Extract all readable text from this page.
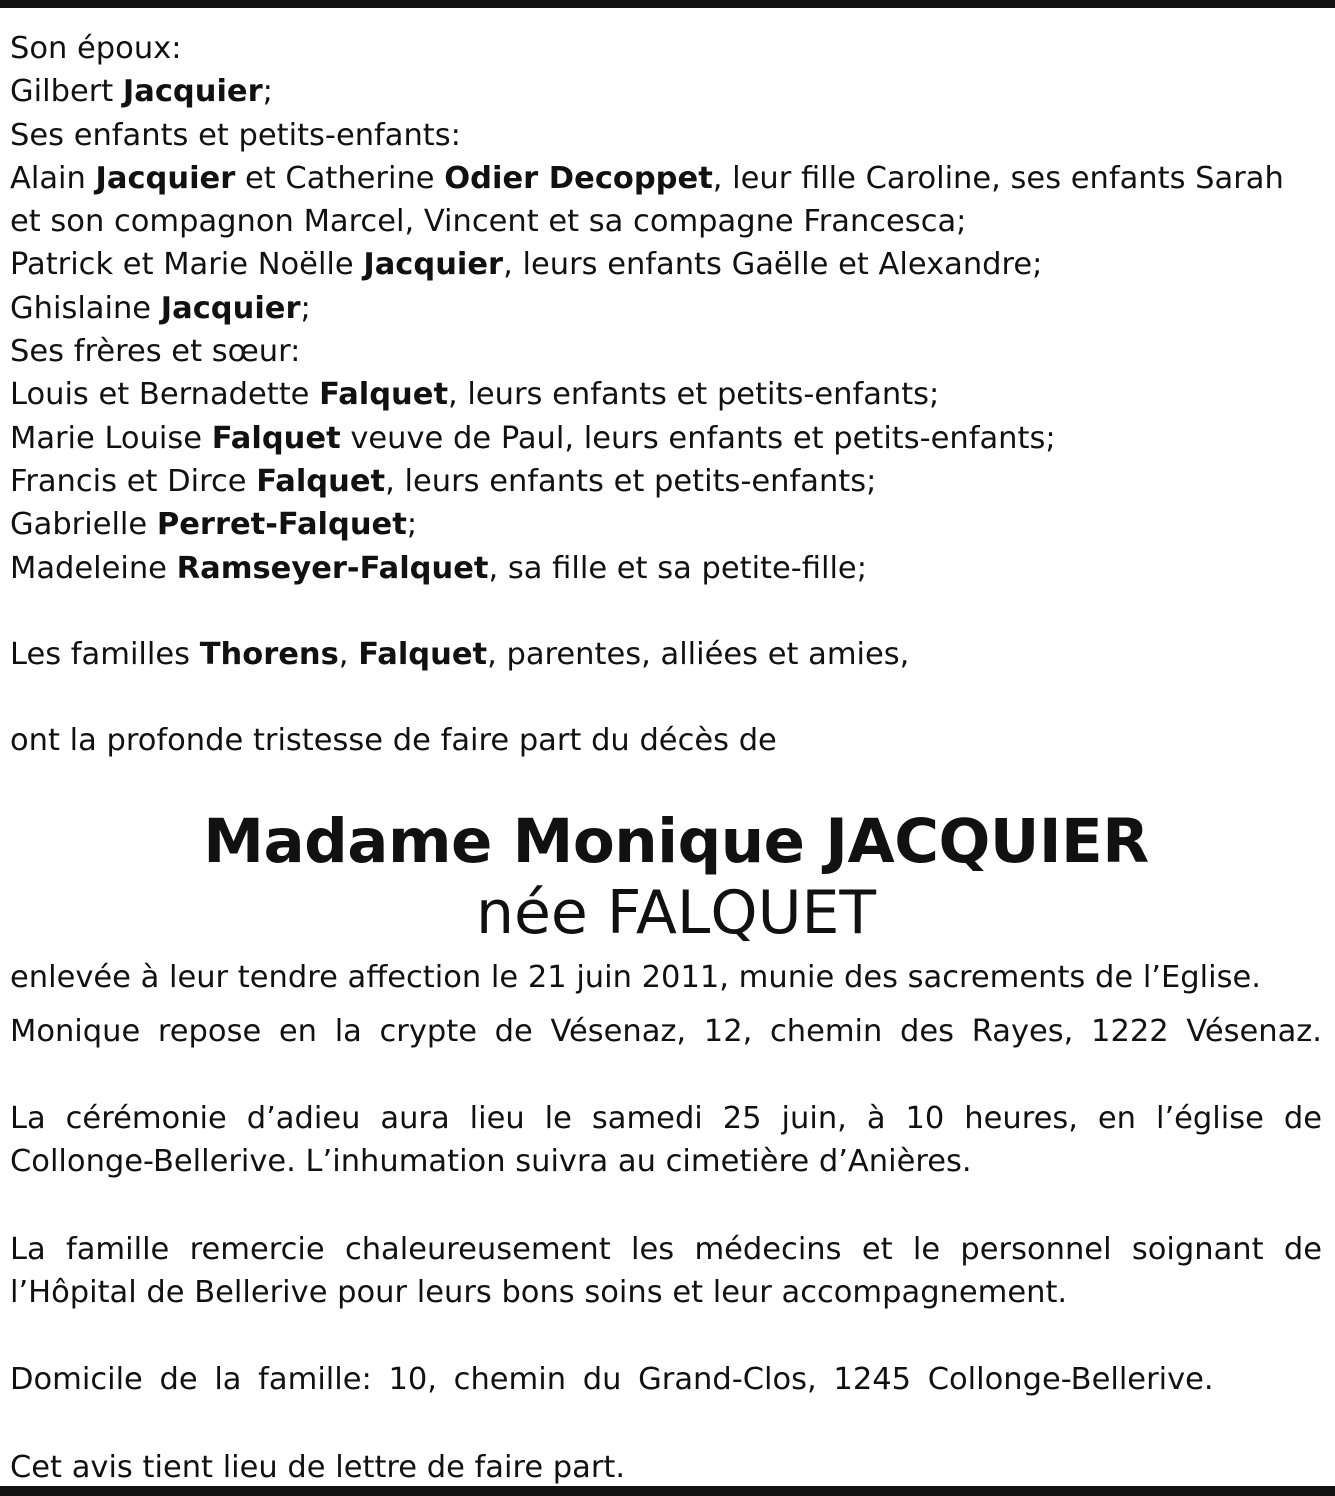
Son époux:

Gilbert Jacquier;

Ses enfants et petits-enfants:

Alain Jacquier et Catherine Odier Decoppet, leur fille Caroline, ses enfants Sarah

et son compagnon Marcel, Vincent et sa compagne Francesca;

Patrick et Marie Noëlle Jacquier, leurs enfants Gaëlle et Alexandre;

Ghislaine Jacquier;

Ses frères et sœur:

Louis et Bernadette Falquet, leurs enfants et petits-enfants;

Marie Louise Falquet veuve de Paul, leurs enfants et petits-enfants;

Francis et Dirce Falquet, leurs enfants et petits-enfants;

Gabrielle Perret-Falquet;

Madeleine Ramseyer-Falquet, sa fille et sa petite-fille;

Les familles Thorens, Falquet, parentes, alliées et amies,

ont la profonde tristesse de faire part du décès de

Madame Monique JACQUIER

née FALQUET

enlevée à leur tendre affection le 21 juin 2011, munie des sacrements de l’Eglise.

Monique repose en la crypte de Vésenaz, 12, chemin des Rayes, 1222 Vésenaz.

La cérémonie d’adieu aura lieu le samedi 25 juin, à 10 heures, en l’église de Collonge-Bellerive. L’inhumation suivra au cimetière d’Anières.

La famille remercie chaleureusement les médecins et le personnel soignant de l’Hôpital de Bellerive pour leurs bons soins et leur accompagnement.

Domicile de la famille: 10, chemin du Grand-Clos, 1245 Collonge-Bellerive.

Cet avis tient lieu de lettre de faire part.
